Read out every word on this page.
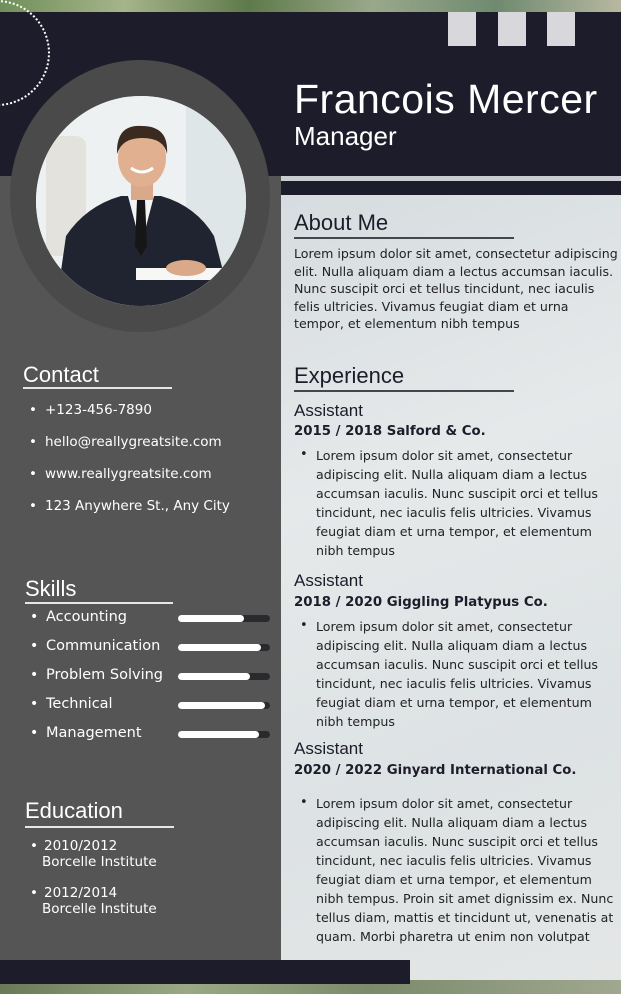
Francois Mercer
Manager
Contact
• +123-456-7890
• hello@reallygreatsite.com
• www.reallygreatsite.com
• 123 Anywhere St., Any City
Skills
• Accounting
• Communication
• Problem Solving
• Technical
• Management
Education
• 2010/2012
Borcelle Institute
• 2012/2014
Borcelle Institute
About Me
Lorem ipsum dolor sit amet, consectetur adipiscing elit. Nulla aliquam diam a lectus accumsan iaculis. Nunc suscipit orci et tellus tincidunt, nec iaculis felis ultricies. Vivamus feugiat diam et urna tempor, et elementum nibh tempus
Experience
Assistant
2015 / 2018 Salford & Co.
• Lorem ipsum dolor sit amet, consectetur adipiscing elit. Nulla aliquam diam a lectus accumsan iaculis. Nunc suscipit orci et tellus tincidunt, nec iaculis felis ultricies. Vivamus feugiat diam et urna tempor, et elementum nibh tempus
Assistant
2018 / 2020 Giggling Platypus Co.
• Lorem ipsum dolor sit amet, consectetur adipiscing elit. Nulla aliquam diam a lectus accumsan iaculis. Nunc suscipit orci et tellus tincidunt, nec iaculis felis ultricies. Vivamus feugiat diam et urna tempor, et elementum nibh tempus
Assistant
2020 / 2022 Ginyard International Co.
• Lorem ipsum dolor sit amet, consectetur adipiscing elit. Nulla aliquam diam a lectus accumsan iaculis. Nunc suscipit orci et tellus tincidunt, nec iaculis felis ultricies. Vivamus feugiat diam et urna tempor, et elementum nibh tempus. Proin sit amet dignissim ex. Nunc tellus diam, mattis et tincidunt ut, venenatis at quam. Morbi pharetra ut enim non volutpat
